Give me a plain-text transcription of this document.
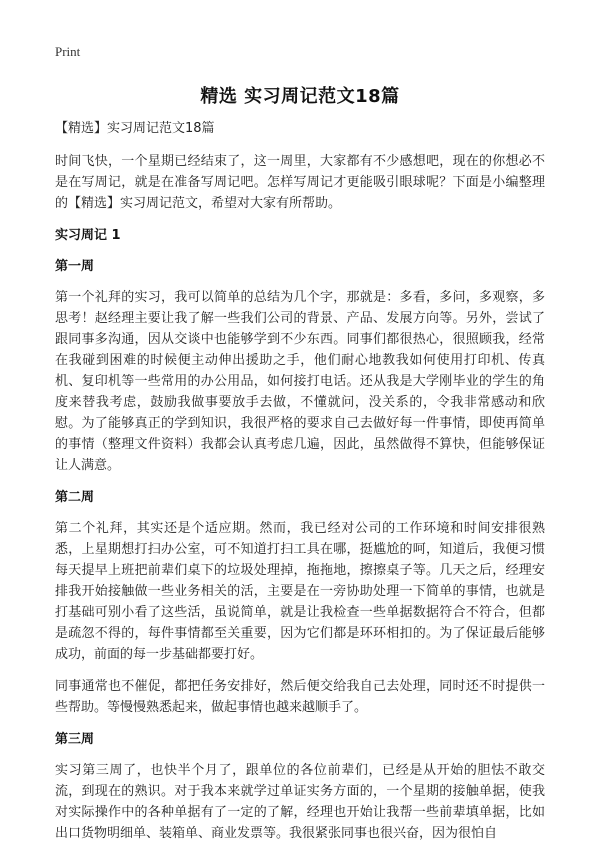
Print
精选 实习周记范文18篇

【精选】实习周记范文18篇

时间飞快，一个星期已经结束了，这一周里，大家都有不少感想吧，现在的你想必不是在写周记，就是在准备写周记吧。怎样写周记才更能吸引眼球呢？下面是小编整理的【精选】实习周记范文，希望对大家有所帮助。

实习周记 1
第一周

第一个礼拜的实习，我可以简单的总结为几个字，那就是：多看，多问，多观察，多思考！赵经理主要让我了解一些我们公司的背景、产品、发展方向等。另外，尝试了跟同事多沟通，因从交谈中也能够学到不少东西。同事们都很热心，很照顾我，经常在我碰到困难的时候便主动伸出援助之手，他们耐心地教我如何使用打印机、传真机、复印机等一些常用的办公用品，如何接打电话。还从我是大学刚毕业的学生的角度来替我考虑，鼓励我做事要放手去做，不懂就问，没关系的，令我非常感动和欣慰。为了能够真正的学到知识，我很严格的要求自己去做好每一件事情，即使再简单的事情（整理文件资料）我都会认真考虑几遍，因此，虽然做得不算快，但能够保证让人满意。

第二周

第二个礼拜，其实还是个适应期。然而，我已经对公司的工作环境和时间安排很熟悉，上星期想打扫办公室，可不知道打扫工具在哪，挺尴尬的呵，知道后，我便习惯每天提早上班把前辈们桌下的垃圾处理掉，拖拖地，擦擦桌子等。几天之后，经理安排我开始接触做一些业务相关的活，主要是在一旁协助处理一下简单的事情，也就是打基础可别小看了这些活，虽说简单，就是让我检查一些单据数据符合不符合，但都是疏忽不得的，每件事情都至关重要，因为它们都是环环相扣的。为了保证最后能够成功，前面的每一步基础都要打好。

同事通常也不催促，都把任务安排好，然后便交给我自己去处理，同时还不时提供一些帮助。等慢慢熟悉起来，做起事情也越来越顺手了。

第三周

实习第三周了，也快半个月了，跟单位的各位前辈们，已经是从开始的胆怯不敢交流，到现在的熟识。对于我本来就学过单证实务方面的，一个星期的接触单据，使我对实际操作中的各种单据有了一定的了解，经理也开始让我帮一些前辈填单据，比如出口货物明细单、装箱单、商业发票等。我很紧张同事也很兴奋，因为很怕自
